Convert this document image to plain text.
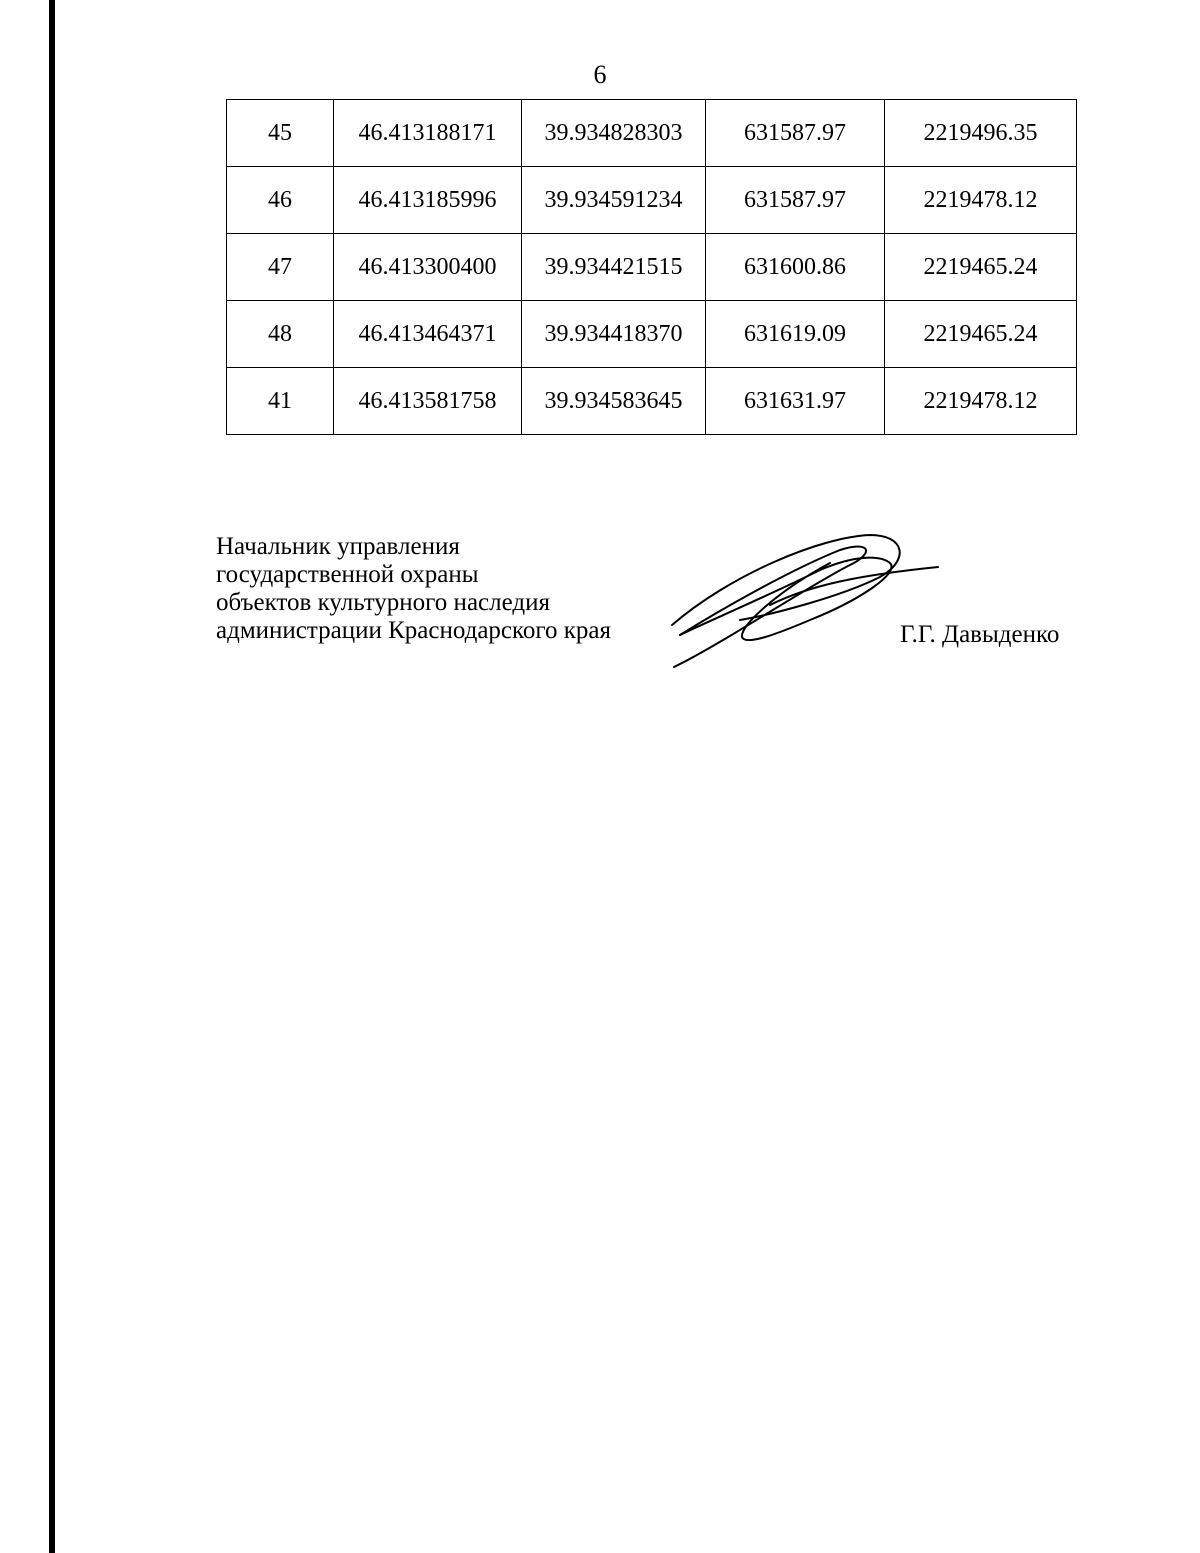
6
45	46.413188171	39.934828303	631587.97	2219496.35
46	46.413185996	39.934591234	631587.97	2219478.12
47	46.413300400	39.934421515	631600.86	2219465.24
48	46.413464371	39.934418370	631619.09	2219465.24
41	46.413581758	39.934583645	631631.97	2219478.12
Начальник управления
государственной охраны
объектов культурного наследия
администрации Краснодарского края	Г.Г. Давыденко
